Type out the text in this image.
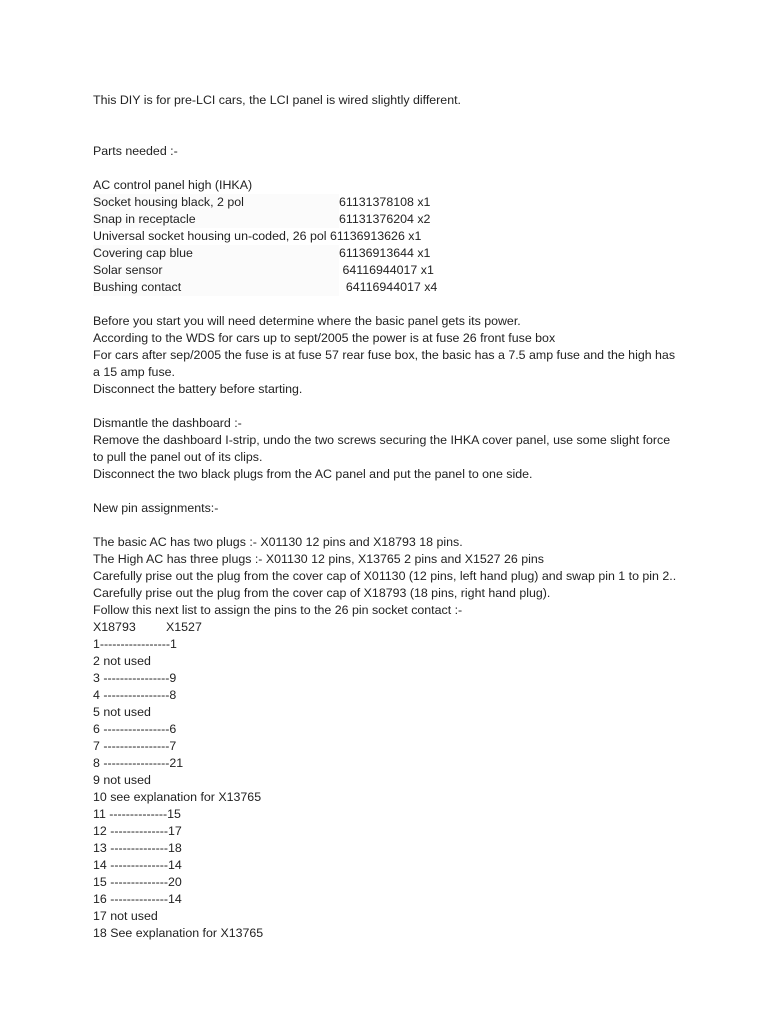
This DIY is for pre-LCI cars, the LCI panel is wired slightly different.
Parts needed :-
AC control panel high (IHKA)
Socket housing black, 2 pol	61131378108 x1
Snap in receptacle	61131376204 x2
Universal socket housing un-coded, 26 pol
61136913626 x1
Covering cap blue	61136913644 x1
Solar sensor	64116944017 x1
Bushing contact	64116944017 x4
Before you start you will need determine where the basic panel gets its power.
According to the WDS for cars up to sept/2005 the power is at fuse 26 front fuse box
For cars after sep/2005 the fuse is at fuse 57 rear fuse box, the basic has a 7.5 amp fuse and the high has a 15 amp fuse.
Disconnect the battery before starting.
Dismantle the dashboard :-
Remove the dashboard I-strip, undo the two screws securing the IHKA cover panel, use some slight force to pull the panel out of its clips.
Disconnect the two black plugs from the AC panel and put the panel to one side.
New pin assignments:-
The basic AC has two plugs :- X01130 12 pins and X18793 18 pins.
The High AC has three plugs :- X01130 12 pins, X13765 2 pins and X1527 26 pins
Carefully prise out the plug from the cover cap of X01130 (12 pins, left hand plug) and swap pin 1 to pin 2..
Carefully prise out the plug from the cover cap of X18793 (18 pins, right hand plug).
Follow this next list to assign the pins to the 26 pin socket contact :-
X18793	X1527
1-----------------1
2 not used
3 ----------------9
4 ----------------8
5 not used
6 ----------------6
7 ----------------7
8 ----------------21
9 not used
10 see explanation for X13765
11 --------------15
12 --------------17
13 --------------18
14 --------------14
15 --------------20
16 --------------14
17 not used
18 See explanation for X13765
